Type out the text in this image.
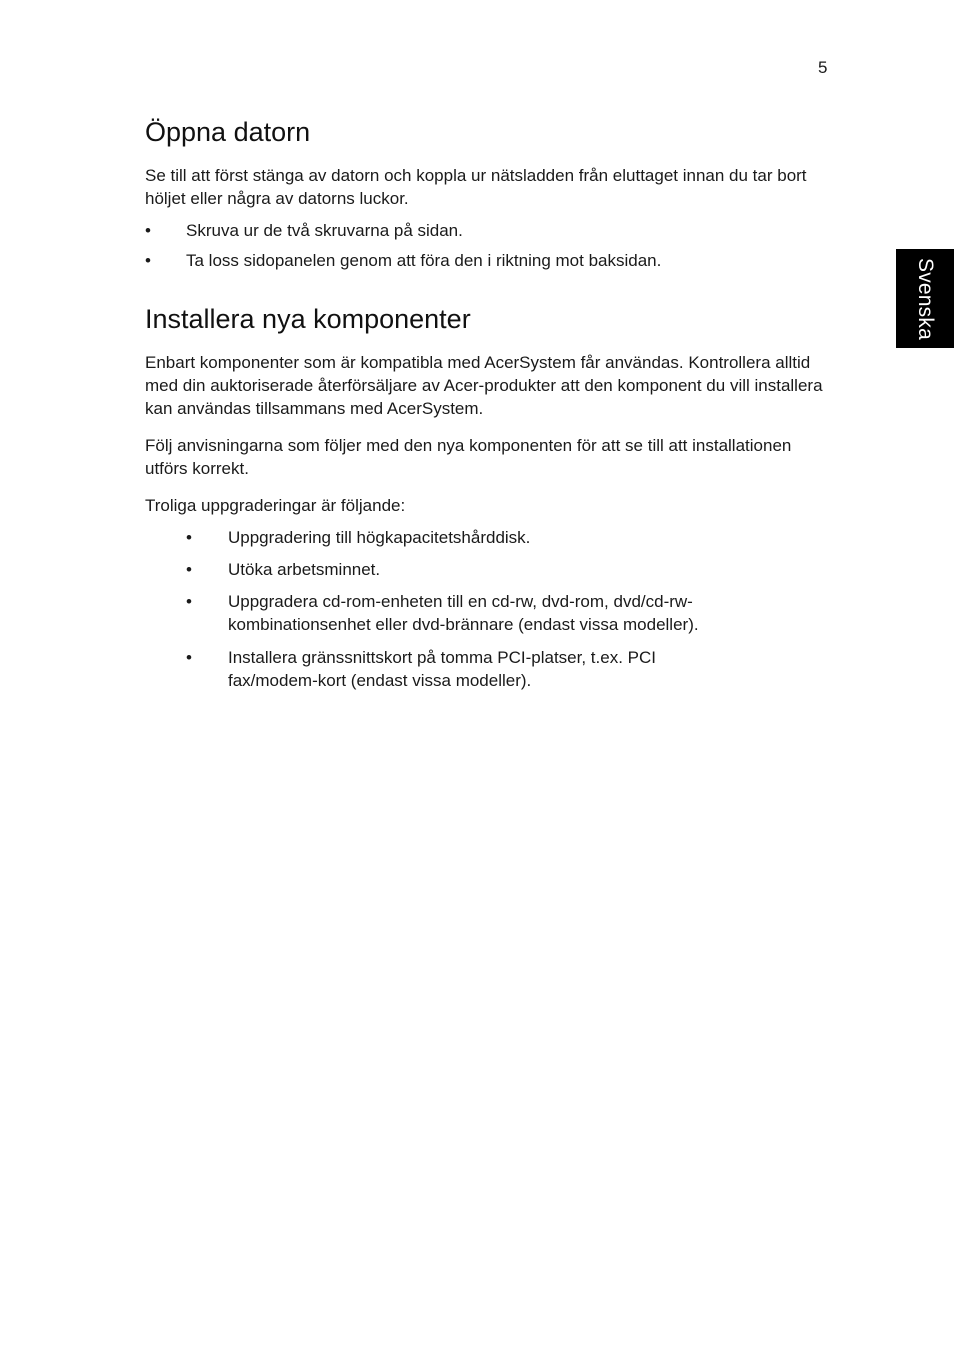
5
Svenska
Öppna datorn

Se till att först stänga av datorn och koppla ur nätsladden från eluttaget innan du tar bort höljet eller några av datorns luckor.

• Skruva ur de två skruvarna på sidan.
• Ta loss sidopanelen genom att föra den i riktning mot baksidan.
Installera nya komponenter

Enbart komponenter som är kompatibla med AcerSystem får användas. Kontrollera alltid med din auktoriserade återförsäljare av Acer-produkter att den komponent du vill installera kan användas tillsammans med AcerSystem.

Följ anvisningarna som följer med den nya komponenten för att se till att installationen utförs korrekt.

Troliga uppgraderingar är följande:

• Uppgradering till högkapacitetshårddisk.
• Utöka arbetsminnet.
• Uppgradera cd-rom-enheten till en cd-rw, dvd-rom, dvd/cd-rw-kombinationsenhet eller dvd-brännare (endast vissa modeller).
• Installera gränssnittskort på tomma PCI-platser, t.ex. PCI fax/modem-kort (endast vissa modeller).
